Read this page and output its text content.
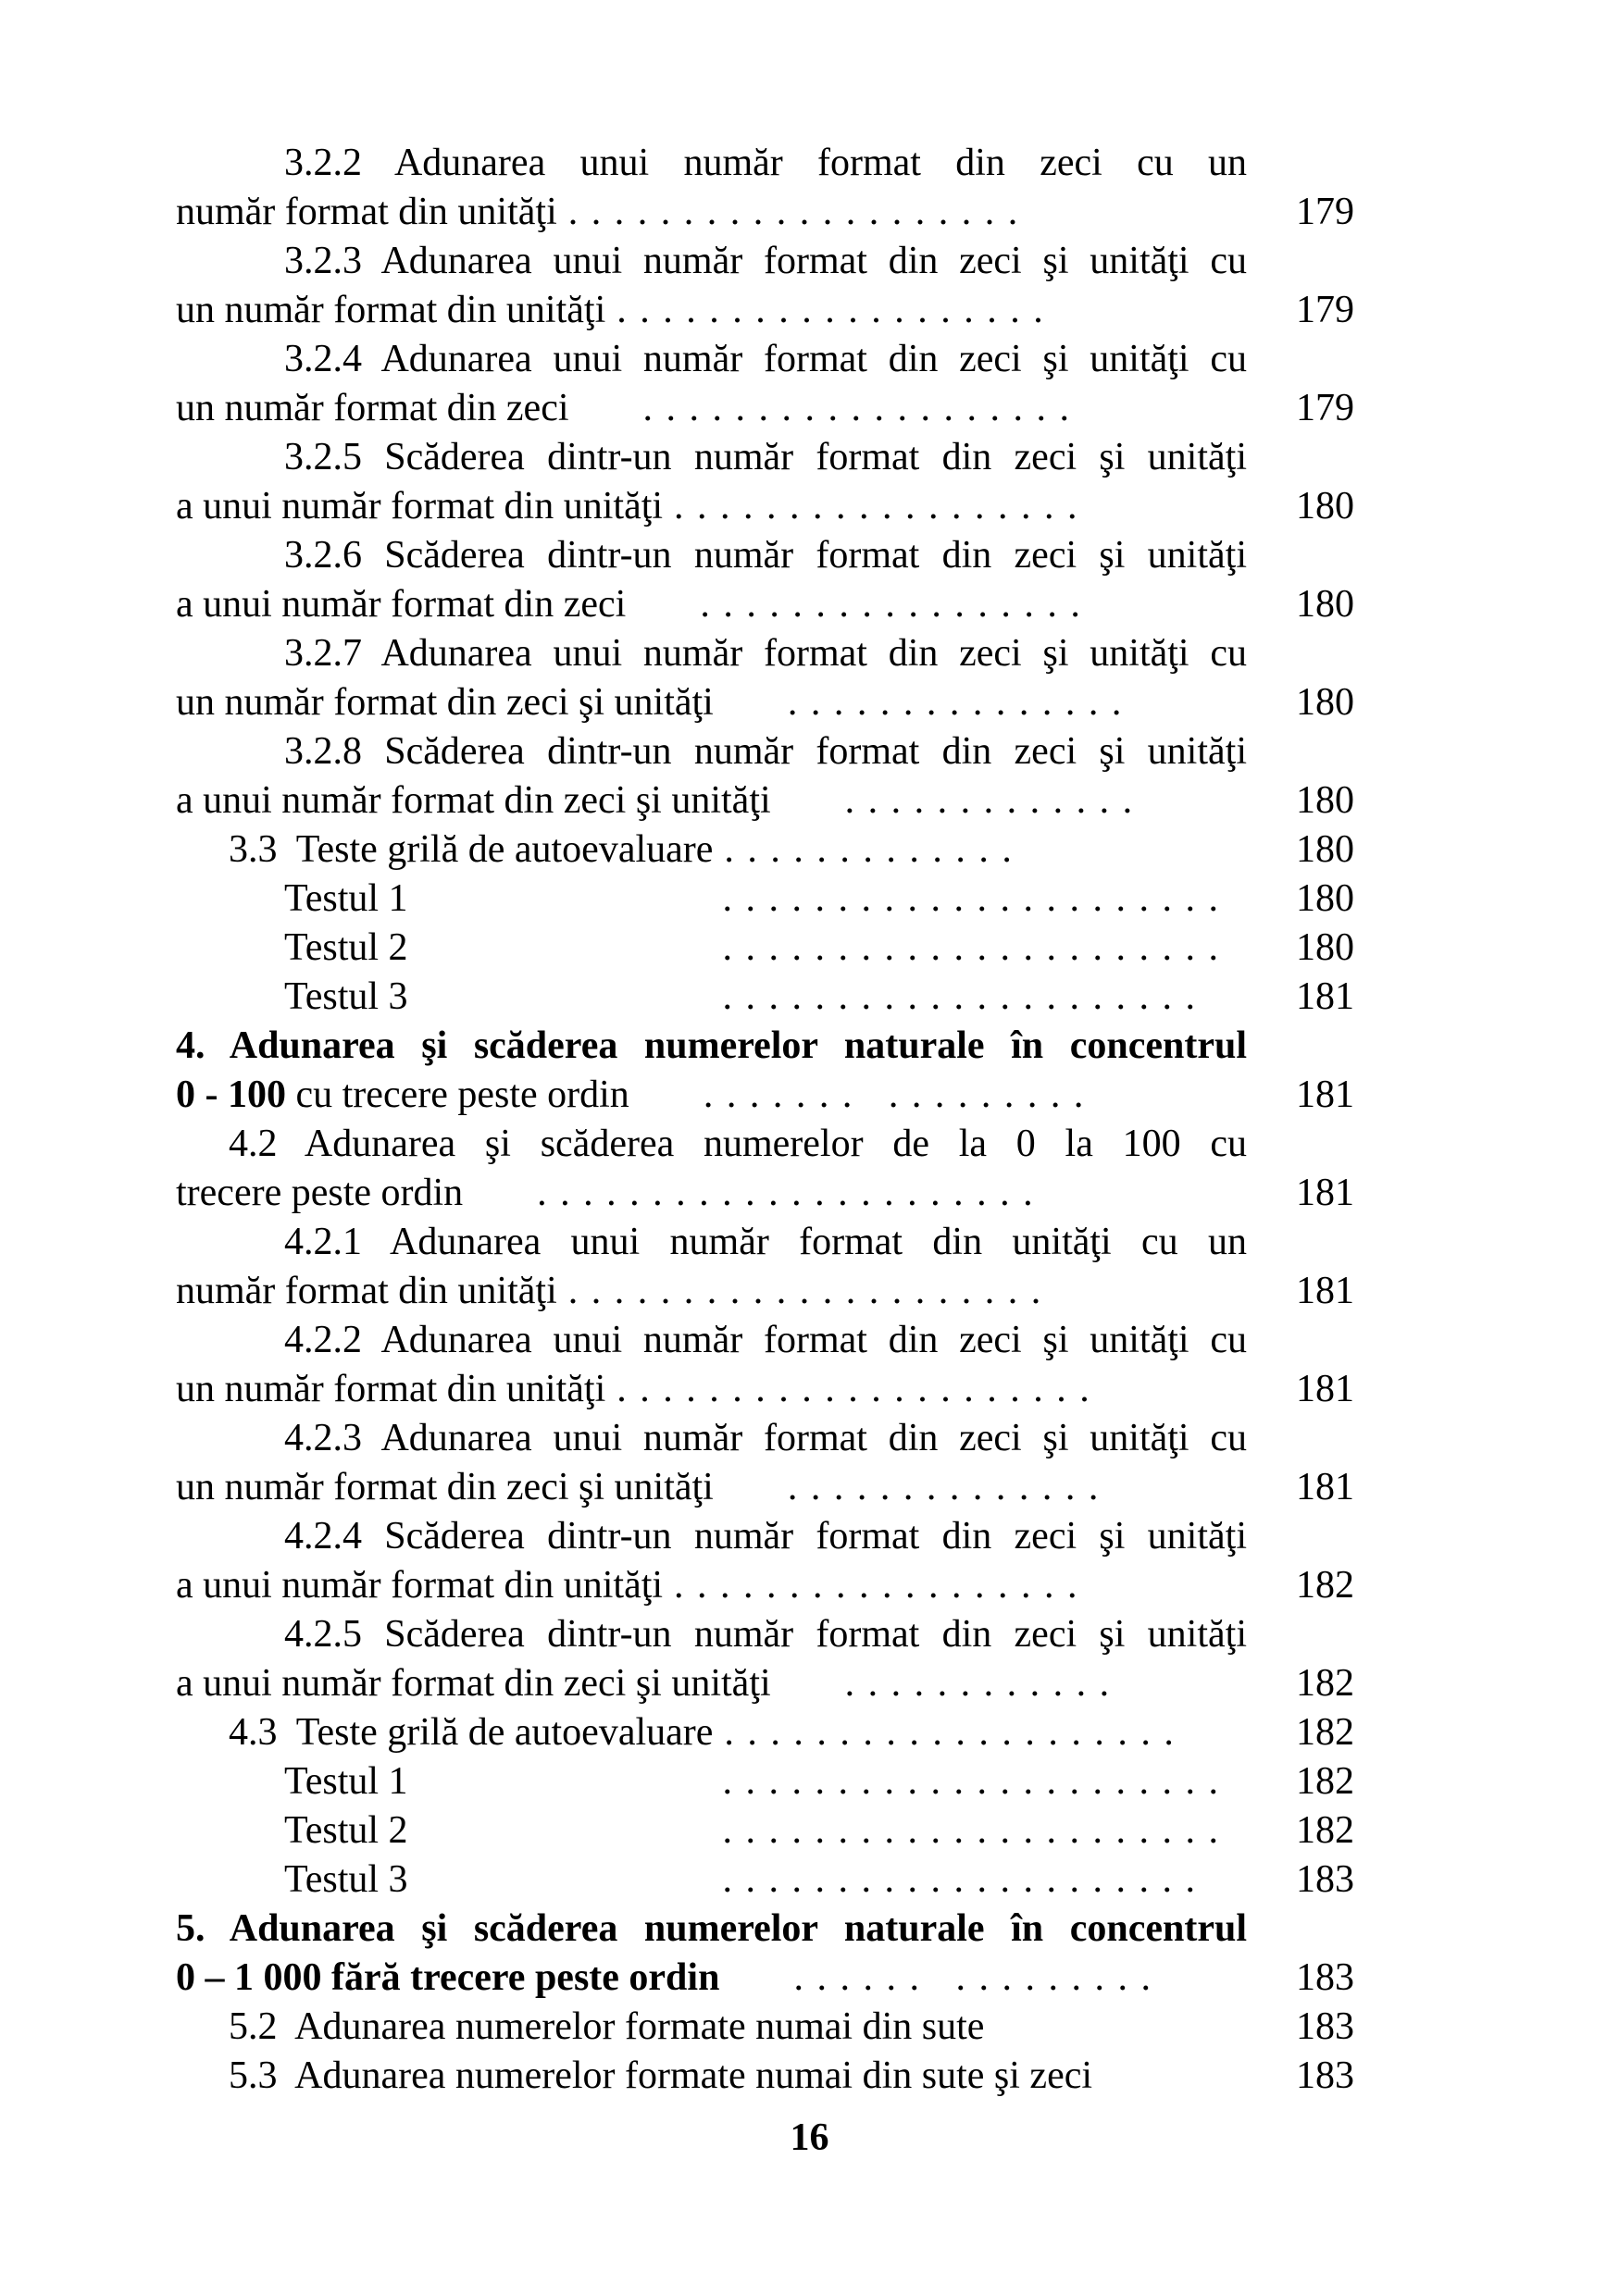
3.2.2 Adunarea unui număr format din zeci cu un
număr format din unităţi . . . . . . . . . . . . . . . . . . . .	179
3.2.3 Adunarea unui număr format din zeci şi unităţi cu
un număr format din unităţi . . . . . . . . . . . . . . . . . . .	179
3.2.4 Adunarea unui număr format din zeci şi unităţi cu
un număr format din zeci . . . . . . . . . . . . . . . . . . .	179
3.2.5 Scăderea dintr-un număr format din zeci şi unităţi
a unui număr format din unităţi . . . . . . . . . . . . . . . . . .	180
3.2.6 Scăderea dintr-un număr format din zeci şi unităţi
a unui număr format din zeci . . . . . . . . . . . . . . . . .	180
3.2.7 Adunarea unui număr format din zeci şi unităţi cu
un număr format din zeci şi unităţi . . . . . . . . . . . . . . .	180
3.2.8 Scăderea dintr-un număr format din zeci şi unităţi
a unui număr format din zeci şi unităţi . . . . . . . . . . . . .	180
3.3  Teste grilă de autoevaluare . . . . . . . . . . . . .	180
Testul 1	. . . . . . . . . . . . . . . . . . . . . . 180
Testul 2	. . . . . . . . . . . . . . . . . . . . . . 180
Testul 3	. . . . . . . . . . . . . . . . . . . . .	181
4. Adunarea şi scăderea numerelor naturale în concentrul
0 - 100 cu trecere peste ordin . . . . . . .   . . . . . . . . .	181
4.2 Adunarea şi scăderea numerelor de la 0 la 100 cu
trecere peste ordin . . . . . . . . . . . . . . . . . . . . . .	181
4.2.1 Adunarea unui număr format din unităţi cu un
număr format din unităţi . . . . . . . . . . . . . . . . . . . . .	181
4.2.2 Adunarea unui număr format din zeci şi unităţi cu
un număr format din unităţi . . . . . . . . . . . . . . . . . . . . .	181
4.2.3 Adunarea unui număr format din zeci şi unităţi cu
un număr format din zeci şi unităţi . . . . . . . . . . . . . .	181
4.2.4 Scăderea dintr-un număr format din zeci şi unităţi
a unui număr format din unităţi . . . . . . . . . . . . . . . . . .	182
4.2.5 Scăderea dintr-un număr format din zeci şi unităţi
a unui număr format din zeci şi unităţi . . . . . . . . . . . .	182
4.3  Teste grilă de autoevaluare . . . . . . . . . . . . . . . . . . . .	182
Testul 1	. . . . . . . . . . . . . . . . . . . . . . 182
Testul 2	. . . . . . . . . . . . . . . . . . . . . . 182
Testul 3	. . . . . . . . . . . . . . . . . . . . .	183
5. Adunarea şi scăderea numerelor naturale în concentrul
0 – 1 000 fără trecere peste ordin . . . . . .   . . . . . . . . .	183
5.2  Adunarea numerelor formate numai din sute	183
5.3  Adunarea numerelor formate numai din sute şi zeci	183
16
